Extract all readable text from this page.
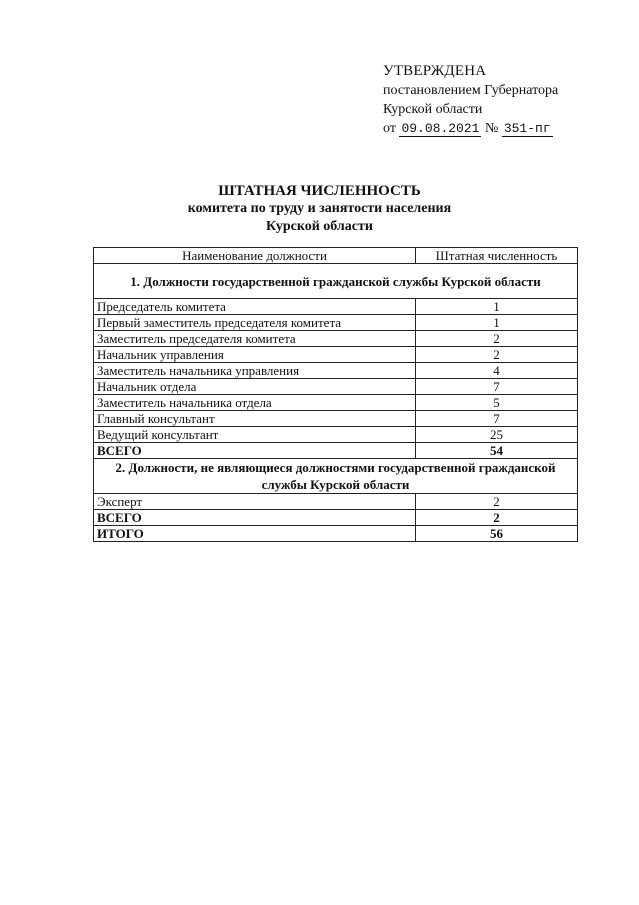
УТВЕРЖДЕНА
постановлением Губернатора
Курской области
от 09.08.2021 № 351-пг
ШТАТНАЯ ЧИСЛЕННОСТЬ
комитета по труду и занятости населения
Курской области
Наименование должности	Штатная численность
1. Должности государственной гражданской службы Курской области	
Председатель комитета	1
Первый заместитель председателя комитета	1
Заместитель председателя комитета	2
Начальник управления	2
Заместитель начальника управления	4
Начальник отдела	7
Заместитель начальника отдела	5
Главный консультант	7
Ведущий консультант	25
ВСЕГО	54
2. Должности, не являющиеся должностями государственной гражданской службы Курской области	
Эксперт	2
ВСЕГО	2
ИТОГО	56
